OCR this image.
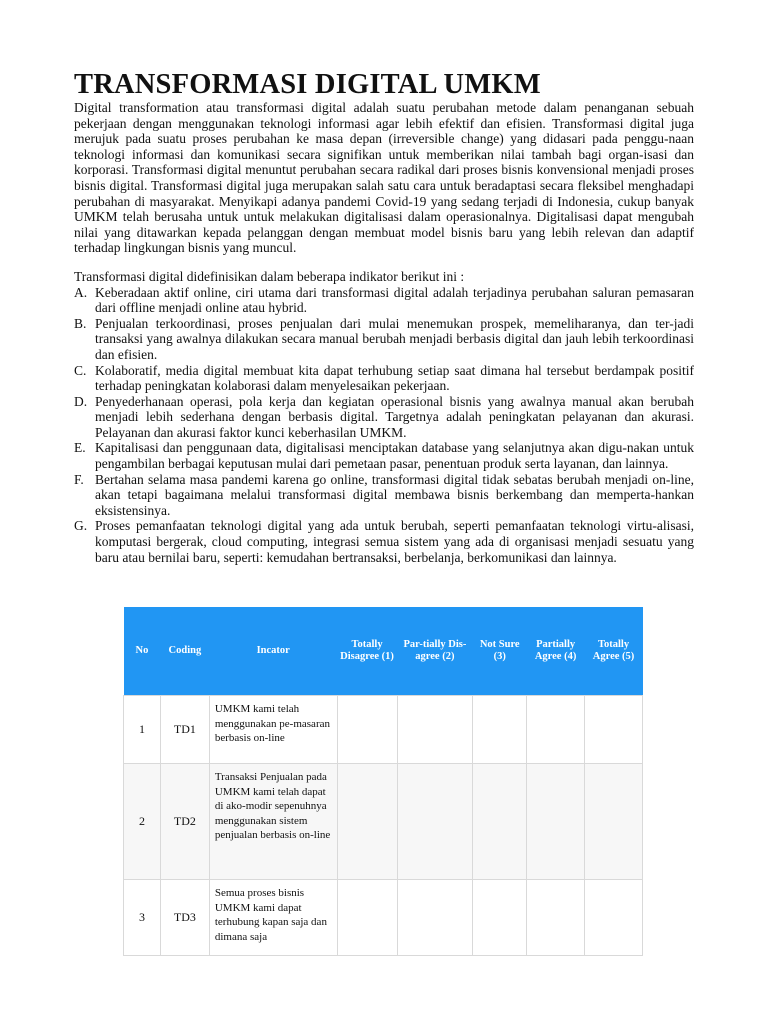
TRANSFORMASI DIGITAL UMKM

Digital transformation atau transformasi digital adalah suatu perubahan metode dalam penanganan sebuah pekerjaan dengan menggunakan teknologi informasi agar lebih efektif dan efisien. Transformasi digital juga merujuk pada suatu proses perubahan ke masa depan (irreversible change) yang didasari pada penggu-naan teknologi informasi dan komunikasi secara signifikan untuk memberikan nilai tambah bagi organ-isasi dan korporasi. Transformasi digital menuntut perubahan secara radikal dari proses bisnis konvensional menjadi proses bisnis digital. Transformasi digital juga merupakan salah satu cara untuk beradaptasi secara fleksibel menghadapi perubahan di masyarakat. Menyikapi adanya pandemi Covid-19 yang sedang terjadi di Indonesia, cukup banyak UMKM telah berusaha untuk untuk melakukan digitalisasi dalam operasionalnya. Digitalisasi dapat mengubah nilai yang ditawarkan kepada pelanggan dengan membuat model bisnis baru yang lebih relevan dan adaptif terhadap lingkungan bisnis yang muncul.

Transformasi digital didefinisikan dalam beberapa indikator berikut ini :

A. Keberadaan aktif online, ciri utama dari transformasi digital adalah terjadinya perubahan saluran pemasaran dari offline menjadi online atau hybrid.
B. Penjualan terkoordinasi, proses penjualan dari mulai menemukan prospek, memeliharanya, dan ter-jadi transaksi yang awalnya dilakukan secara manual berubah menjadi berbasis digital dan jauh lebih terkoordinasi dan efisien.
C. Kolaboratif, media digital membuat kita dapat terhubung setiap saat dimana hal tersebut berdampak positif terhadap peningkatan kolaborasi dalam menyelesaikan pekerjaan.
D. Penyederhanaan operasi, pola kerja dan kegiatan operasional bisnis yang awalnya manual akan berubah menjadi lebih sederhana dengan berbasis digital. Targetnya adalah peningkatan pelayanan dan akurasi. Pelayanan dan akurasi faktor kunci keberhasilan UMKM.
E. Kapitalisasi dan penggunaan data, digitalisasi menciptakan database yang selanjutnya akan digu-nakan untuk pengambilan berbagai keputusan mulai dari pemetaan pasar, penentuan produk serta layanan, dan lainnya.
F. Bertahan selama masa pandemi karena go online, transformasi digital tidak sebatas berubah menjadi on-line, akan tetapi bagaimana melalui transformasi digital membawa bisnis berkembang dan memperta-hankan eksistensinya.
G. Proses pemanfaatan teknologi digital yang ada untuk berubah, seperti pemanfaatan teknologi virtu-alisasi, komputasi bergerak, cloud computing, integrasi semua sistem yang ada di organisasi menjadi sesuatu yang baru atau bernilai baru, seperti: kemudahan bertransaksi, berbelanja, berkomunikasi dan lainnya.
No	Coding	Incator	Totally Disagree (1)	Par-tially Dis-agree (2)	Not Sure (3)	Partially Agree (4)	Totally Agree (5)
1	TD1	UMKM kami telah menggunakan pe-masaran berbasis on-line					
2	TD2	Transaksi Penjualan pada UMKM kami telah dapat di ako-modir sepenuhnya menggunakan sistem penjualan berbasis on-line					
3	TD3	Semua proses bisnis UMKM kami dapat terhubung kapan saja dan dimana saja					
